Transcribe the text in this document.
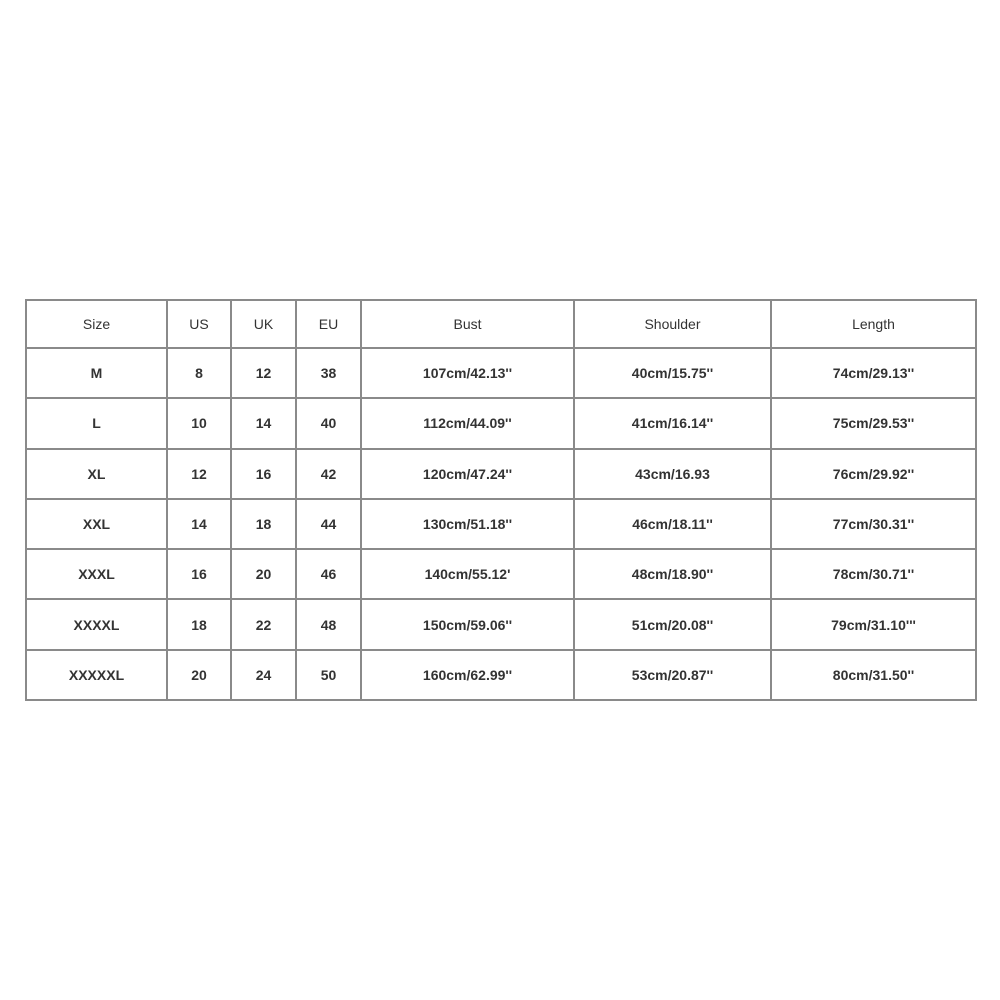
Size	US	UK	EU	Bust	Shoulder	Length
M	8	12	38	107cm/42.13''	40cm/15.75''	74cm/29.13''
L	10	14	40	112cm/44.09''	41cm/16.14''	75cm/29.53''
XL	12	16	42	120cm/47.24''	43cm/16.93	76cm/29.92''
XXL	14	18	44	130cm/51.18''	46cm/18.11''	77cm/30.31''
XXXL	16	20	46	140cm/55.12'	48cm/18.90''	78cm/30.71''
XXXXL	18	22	48	150cm/59.06''	51cm/20.08''	79cm/31.10'''
XXXXXL	20	24	50	160cm/62.99''	53cm/20.87''	80cm/31.50''
